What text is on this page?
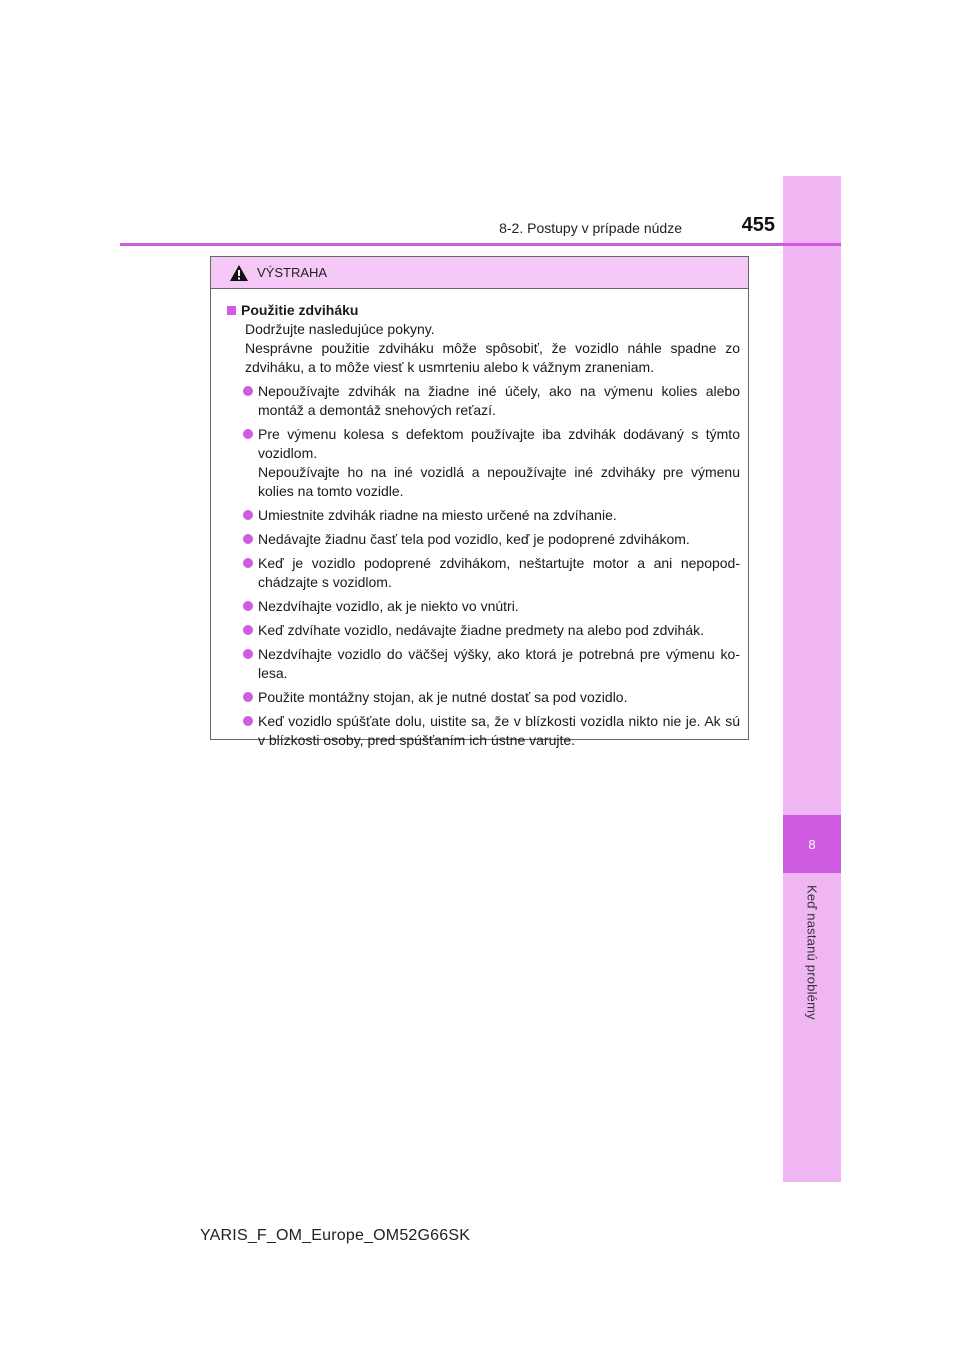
8
Keď nastanú problémy
8-2. Postupy v prípade núdze	455
VÝSTRAHA
Použitie zdviháku
Dodržujte nasledujúce pokyny.
Nesprávne použitie zdviháku môže spôsobiť, že vozidlo náhle spadne zo zdviháku, a to môže viesť k usmrteniu alebo k vážnym zraneniam.
Nepoužívajte zdvihák na žiadne iné účely, ako na výmenu kolies alebo montáž a demontáž snehových reťazí.
Pre výmenu kolesa s defektom používajte iba zdvihák dodávaný s týmto vozidlom.
Nepoužívajte ho na iné vozidlá a nepoužívajte iné zdviháky pre výmenu kolies na tomto vozidle.
Umiestnite zdvihák riadne na miesto určené na zdvíhanie.
Nedávajte žiadnu časť tela pod vozidlo, keď je podoprené zdvihákom.
Keď je vozidlo podoprené zdvihákom, neštartujte motor a ani nepopod-chádzajte s vozidlom.
Nezdvíhajte vozidlo, ak je niekto vo vnútri.
Keď zdvíhate vozidlo, nedávajte žiadne predmety na alebo pod zdvihák.
Nezdvíhajte vozidlo do väčšej výšky, ako ktorá je potrebná pre výmenu ko-lesa.
Použite montážny stojan, ak je nutné dostať sa pod vozidlo.
Keď vozidlo spúšťate dolu, uistite sa, že v blízkosti vozidla nikto nie je. Ak sú v blízkosti osoby, pred spúšťaním ich ústne varujte.
YARIS_F_OM_Europe_OM52G66SK
